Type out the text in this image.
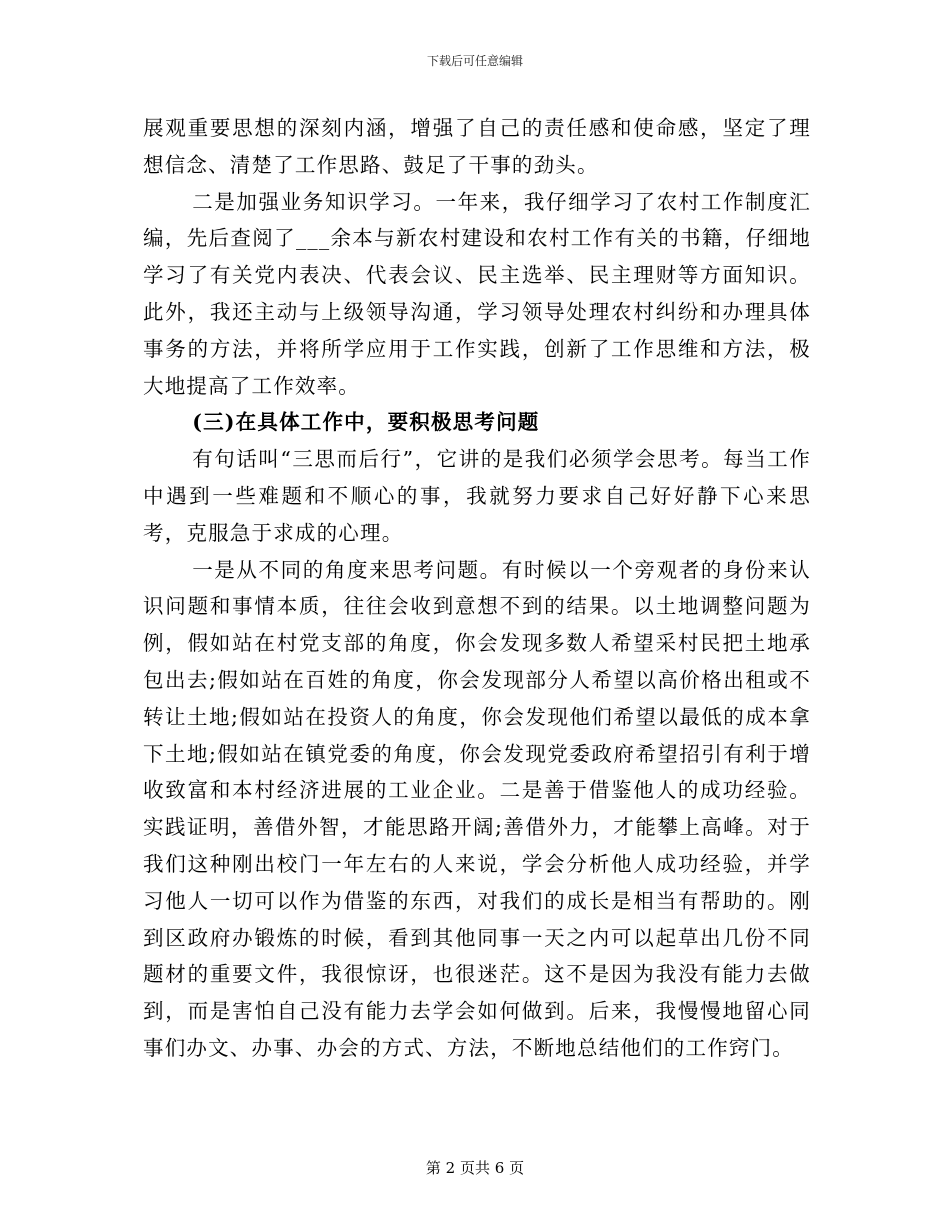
下载后可任意编辑

展观重要思想的深刻内涵，增强了自己的责任感和使命感，坚定了理想信念、清楚了工作思路、鼓足了干事的劲头。

二是加强业务知识学习。一年来，我仔细学习了农村工作制度汇编，先后查阅了___余本与新农村建设和农村工作有关的书籍，仔细地学习了有关党内表决、代表会议、民主选举、民主理财等方面知识。此外，我还主动与上级领导沟通，学习领导处理农村纠纷和办理具体事务的方法，并将所学应用于工作实践，创新了工作思维和方法，极大地提高了工作效率。

(三)在具体工作中，要积极思考问题

有句话叫“三思而后行”，它讲的是我们必须学会思考。每当工作中遇到一些难题和不顺心的事，我就努力要求自己好好静下心来思考，克服急于求成的心理。

一是从不同的角度来思考问题。有时候以一个旁观者的身份来认识问题和事情本质，往往会收到意想不到的结果。以土地调整问题为例，假如站在村党支部的角度，你会发现多数人希望采村民把土地承包出去;假如站在百姓的角度，你会发现部分人希望以高价格出租或不转让土地;假如站在投资人的角度，你会发现他们希望以最低的成本拿下土地;假如站在镇党委的角度，你会发现党委政府希望招引有利于增收致富和本村经济进展的工业企业。二是善于借鉴他人的成功经验。实践证明，善借外智，才能思路开阔;善借外力，才能攀上高峰。对于我们这种刚出校门一年左右的人来说，学会分析他人成功经验，并学习他人一切可以作为借鉴的东西，对我们的成长是相当有帮助的。刚到区政府办锻炼的时候，看到其他同事一天之内可以起草出几份不同题材的重要文件，我很惊讶，也很迷茫。这不是因为我没有能力去做到，而是害怕自己没有能力去学会如何做到。后来，我慢慢地留心同事们办文、办事、办会的方式、方法，不断地总结他们的工作窍门。

第 2 页共 6 页
